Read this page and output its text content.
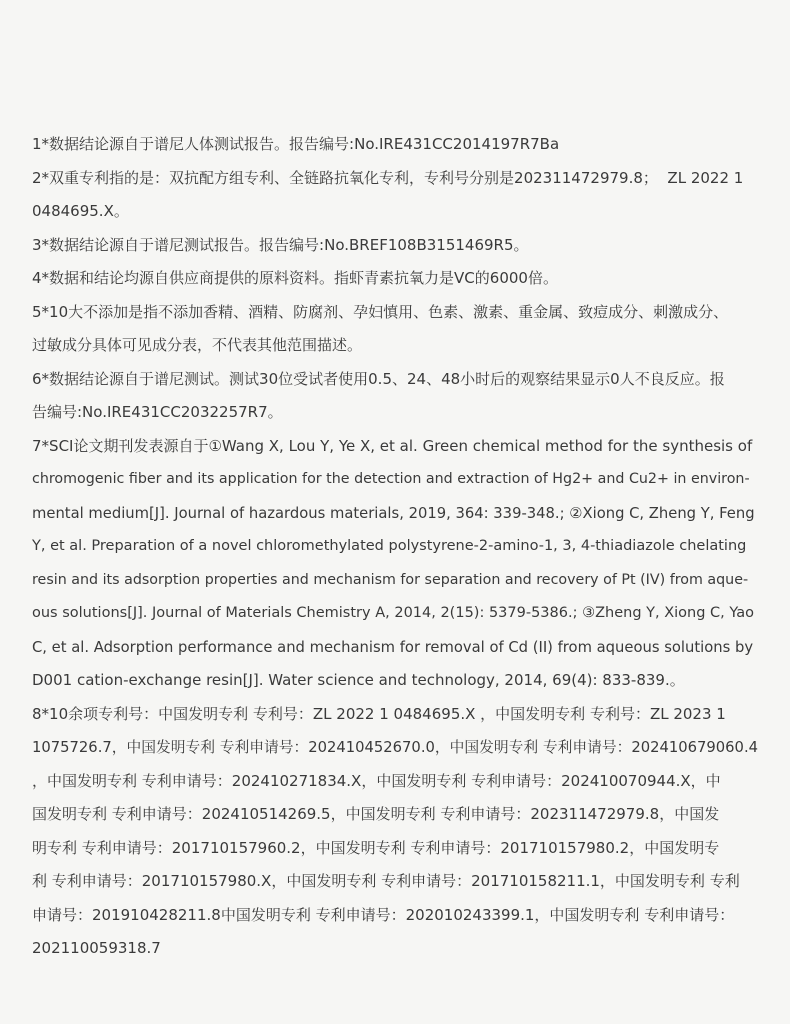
1*数据结论源自于谱尼人体测试报告。报告编号:No.IRE431CC2014197R7Ba
2*双重专利指的是：双抗配方组专利、全链路抗氧化专利，专利号分别是202311472979.8；  ZL 2022 1
0484695.X。
3*数据结论源自于谱尼测试报告。报告编号:No.BREF108B3151469R5。
4*数据和结论均源自供应商提供的原料资料。指虾青素抗氧力是VC的6000倍。
5*10大不添加是指不添加香精、酒精、防腐剂、孕妇慎用、色素、激素、重金属、致痘成分、刺激成分、
过敏成分具体可见成分表，不代表其他范围描述。
6*数据结论源自于谱尼测试。测试30位受试者使用0.5、24、48小时后的观察结果显示0人不良反应。报
告编号:No.IRE431CC2032257R7。
7*SCI论文期刊发表源自于①Wang X, Lou Y, Ye X, et al. Green chemical method for the synthesis of
chromogenic fiber and its application for the detection and extraction of Hg2+ and Cu2+ in environ-
mental medium[J]. Journal of hazardous materials, 2019, 364: 339-348.; ②Xiong C, Zheng Y, Feng
Y, et al. Preparation of a novel chloromethylated polystyrene-2-amino-1, 3, 4-thiadiazole chelating
resin and its adsorption properties and mechanism for separation and recovery of Pt (IV) from aque-
ous solutions[J]. Journal of Materials Chemistry A, 2014, 2(15): 5379-5386.; ③Zheng Y, Xiong C, Yao
C, et al. Adsorption performance and mechanism for removal of Cd (II) from aqueous solutions by
D001 cation-exchange resin[J]. Water science and technology, 2014, 69(4): 833-839.。
8*10余项专利号：中国发明专利 专利号：ZL 2022 1 0484695.X ，中国发明专利 专利号：ZL 2023 1
1075726.7，中国发明专利 专利申请号：202410452670.0，中国发明专利 专利申请号：202410679060.4
，中国发明专利 专利申请号：202410271834.X，中国发明专利 专利申请号：202410070944.X，中
国发明专利 专利申请号：202410514269.5，中国发明专利 专利申请号：202311472979.8，中国发
明专利 专利申请号：201710157960.2，中国发明专利 专利申请号：201710157980.2，中国发明专
利 专利申请号：201710157980.X，中国发明专利 专利申请号：201710158211.1，中国发明专利 专利
申请号：201910428211.8中国发明专利 专利申请号：202010243399.1，中国发明专利 专利申请号：
202110059318.7
